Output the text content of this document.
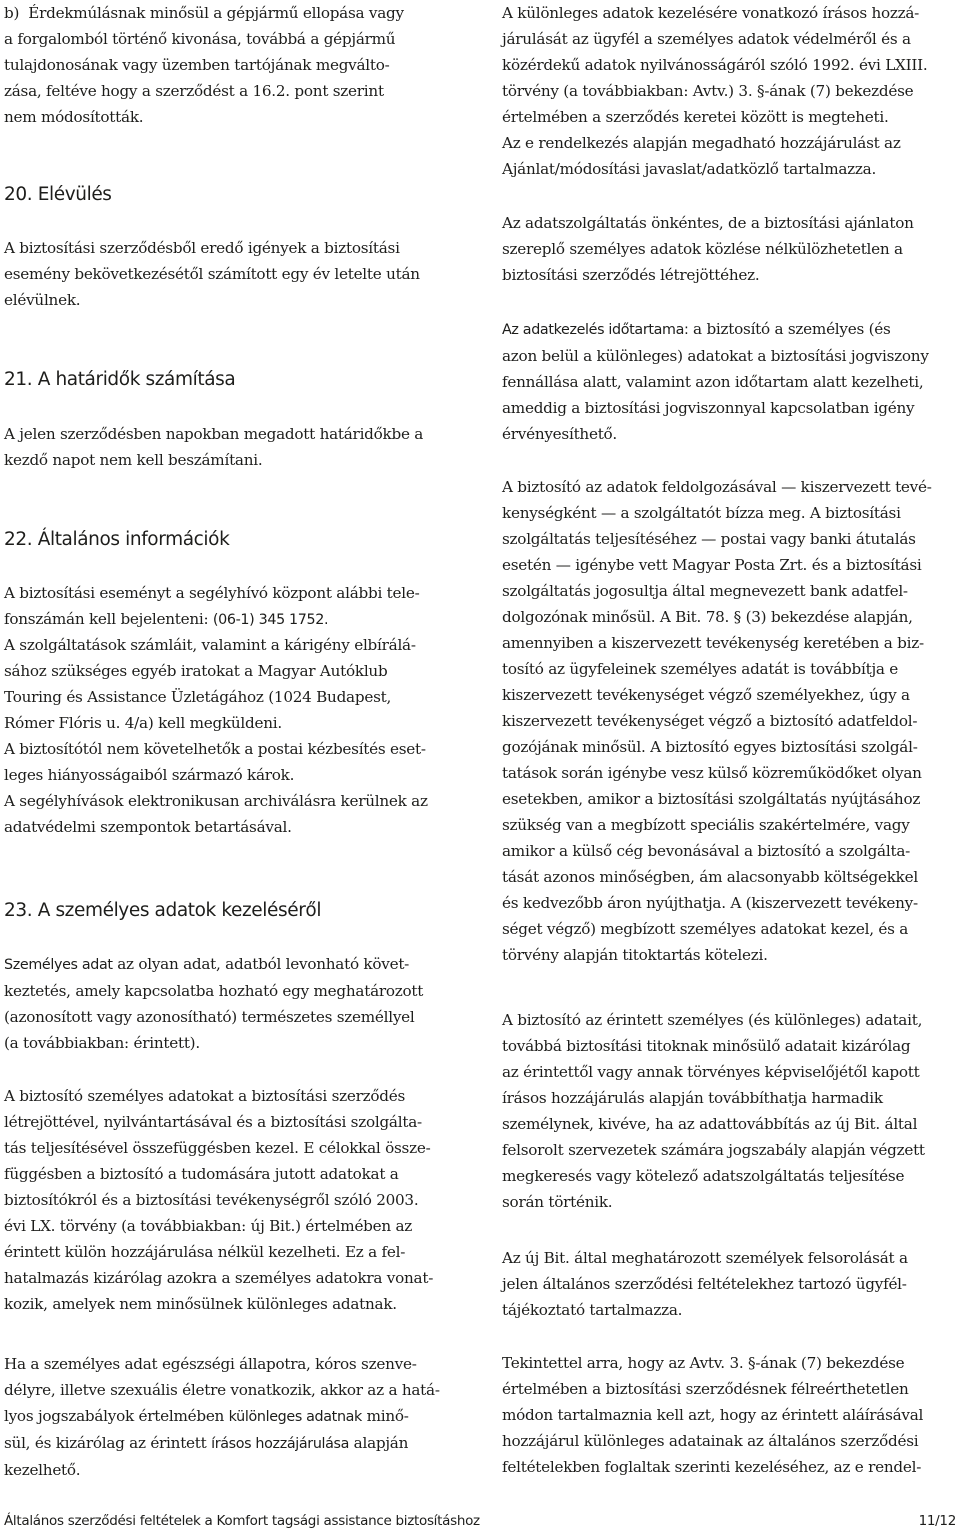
b)  Érdekmúlásnak minősül a gépjármű ellopása vagy
a forgalomból történő kivonása, továbbá a gépjármű
tulajdonosának vagy üzemben tartójának megválto-
zása, feltéve hogy a szerződést a 16.2. pont szerint
nem módosították.

20. Elévülés

A biztosítási szerződésből eredő igények a biztosítási
esemény bekövetkezésétől számított egy év letelte után
elévülnek.

21. A határidők számítása

A jelen szerződésben napokban megadott határidőkbe a
kezdő napot nem kell beszámítani.

22. Általános információk

A biztosítási eseményt a segélyhívó központ alábbi tele-
fonszámán kell bejelenteni: (06-1) 345 1752.

A szolgáltatások számláit, valamint a kárigény elbírálá-
sához szükséges egyéb iratokat a Magyar Autóklub
Touring és Assistance Üzletágához (1024 Budapest,
Rómer Flóris u. 4/a) kell megküldeni.
A biztosítótól nem követelhetők a postai kézbesítés eset-
leges hiányosságaiból származó károk.
A segélyhívások elektronikusan archiválásra kerülnek az
adatvédelmi szempontok betartásával.

23. A személyes adatok kezeléséről

Személyes adat az olyan adat, adatból levonható követ-
keztetés, amely kapcsolatba hozható egy meghatározott
(azonosított vagy azonosítható) természetes személlyel
(a továbbiakban: érintett).

A biztosító személyes adatokat a biztosítási szerződés
létrejöttével, nyilvántartásával és a biztosítási szolgálta-
tás teljesítésével összefüggésben kezel. E célokkal össze-
függésben a biztosító a tudomására jutott adatokat a
biztosítókról és a biztosítási tevékenységről szóló 2003.
évi LX. törvény (a továbbiakban: új Bit.) értelmében az
érintett külön hozzájárulása nélkül kezelheti. Ez a fel-
hatalmazás kizárólag azokra a személyes adatokra vonat-
kozik, amelyek nem minősülnek különleges adatnak.

Ha a személyes adat egészségi állapotra, kóros szenve-
délyre, illetve szexuális életre vonatkozik, akkor az a hatá-
lyos jogszabályok értelmében különleges adatnak minő-
sül, és kizárólag az érintett írásos hozzájárulása alapján
kezelhető.

A különleges adatok kezelésére vonatkozó írásos hozzá-
járulását az ügyfél a személyes adatok védelméről és a
közérdekű adatok nyilvánosságáról szóló 1992. évi LXIII.
törvény (a továbbiakban: Avtv.) 3. §-ának (7) bekezdése
értelmében a szerződés keretei között is megteheti.
Az e rendelkezés alapján megadható hozzájárulást az
Ajánlat/módosítási javaslat/adatközlő tartalmazza.

Az adatszolgáltatás önkéntes, de a biztosítási ajánlaton
szereplő személyes adatok közlése nélkülözhetetlen a
biztosítási szerződés létrejöttéhez.

Az adatkezelés időtartama: a biztosító a személyes (és
azon belül a különleges) adatokat a biztosítási jogviszony
fennállása alatt, valamint azon időtartam alatt kezelheti,
ameddig a biztosítási jogviszonnyal kapcsolatban igény
érvényesíthető.

A biztosító az adatok feldolgozásával — kiszervezett tevé-
kenységként — a szolgáltatót bízza meg. A biztosítási
szolgáltatás teljesítéséhez — postai vagy banki átutalás
esetén — igénybe vett Magyar Posta Zrt. és a biztosítási
szolgáltatás jogosultja által megnevezett bank adatfel-
dolgozónak minősül. A Bit. 78. § (3) bekezdése alapján,
amennyiben a kiszervezett tevékenység keretében a biz-
tosító az ügyfeleinek személyes adatát is továbbítja e
kiszervezett tevékenységet végző személyekhez, úgy a
kiszervezett tevékenységet végző a biztosító adatfeldol-
gozójának minősül. A biztosító egyes biztosítási szolgál-
tatások során igénybe vesz külső közreműködőket olyan
esetekben, amikor a biztosítási szolgáltatás nyújtásához
szükség van a megbízott speciális szakértelmére, vagy
amikor a külső cég bevonásával a biztosító a szolgálta-
tását azonos minőségben, ám alacsonyabb költségekkel
és kedvezőbb áron nyújthatja. A (kiszervezett tevékeny-
séget végző) megbízott személyes adatokat kezel, és a
törvény alapján titoktartás kötelezi.

A biztosító az érintett személyes (és különleges) adatait,
továbbá biztosítási titoknak minősülő adatait kizárólag
az érintettől vagy annak törvényes képviselőjétől kapott
írásos hozzájárulás alapján továbbíthatja harmadik
személynek, kivéve, ha az adattovábbítás az új Bit. által
felsorolt szervezetek számára jogszabály alapján végzett
megkeresés vagy kötelező adatszolgáltatás teljesítése
során történik.

Az új Bit. által meghatározott személyek felsorolását a
jelen általános szerződési feltételekhez tartozó ügyfél-
tájékoztató tartalmazza.

Tekintettel arra, hogy az Avtv. 3. §-ának (7) bekezdése
értelmében a biztosítási szerződésnek félreérthetetlen
módon tartalmaznia kell azt, hogy az érintett aláírásával
hozzájárul különleges adatainak az általános szerződési
feltételekben foglaltak szerinti kezeléséhez, az e rendel-

Általános szerződési feltételek a Komfort tagsági assistance biztosításhoz	11/12
